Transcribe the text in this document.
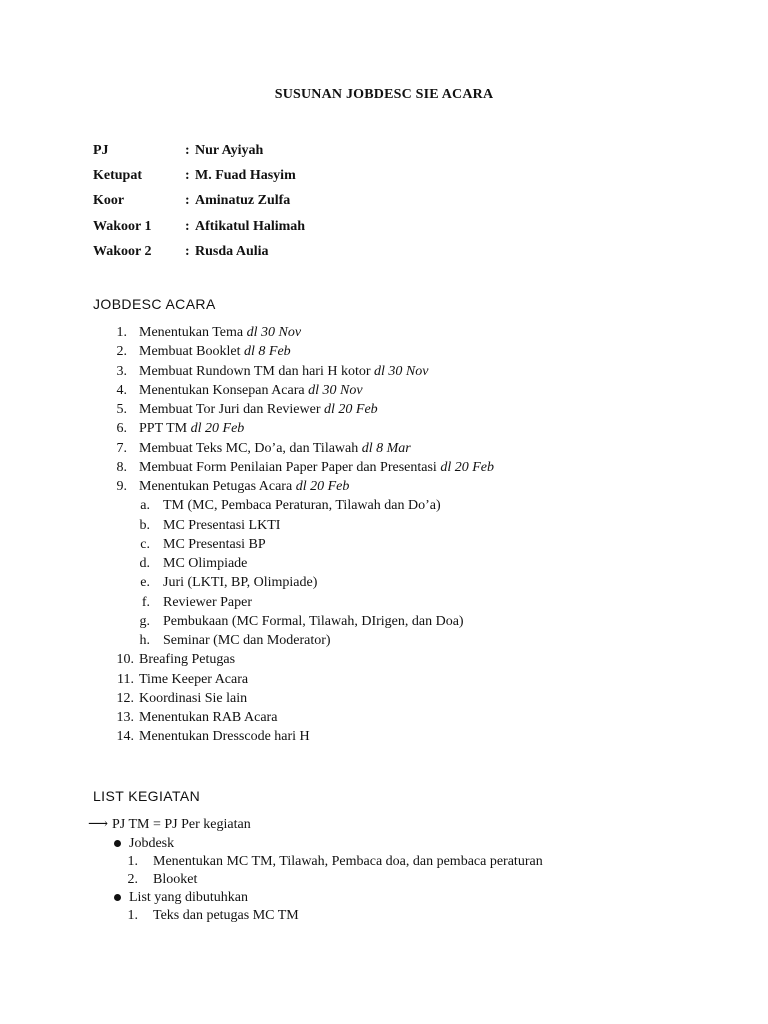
SUSUNAN JOBDESC SIE ACARA
PJ	: Nur Ayiyah
Ketupat	: M. Fuad Hasyim
Koor	: Aminatuz Zulfa
Wakoor 1 : Aftikatul Halimah
Wakoor 2 : Rusda Aulia
JOBDESC ACARA
1. Menentukan Tema dl 30 Nov
2. Membuat Booklet dl 8 Feb
3. Membuat Rundown TM dan hari H kotor dl 30 Nov
4. Menentukan Konsepan Acara dl 30 Nov
5. Membuat Tor Juri dan Reviewer dl 20 Feb
6. PPT TM dl 20 Feb
7. Membuat Teks MC, Do’a, dan Tilawah dl 8 Mar
8. Membuat Form Penilaian Paper Paper dan Presentasi dl 20 Feb
9. Menentukan Petugas Acara dl 20 Feb
a. TM (MC, Pembaca Peraturan, Tilawah dan Do’a)
b. MC Presentasi LKTI
c. MC Presentasi BP
d. MC Olimpiade
e. Juri (LKTI, BP, Olimpiade)
f. Reviewer Paper
g. Pembukaan (MC Formal, Tilawah, DIrigen, dan Doa)
h. Seminar (MC dan Moderator)
10. Breafing Petugas
11. Time Keeper Acara
12. Koordinasi Sie lain
13. Menentukan RAB Acara
14. Menentukan Dresscode hari H
LIST KEGIATAN
⟶ PJ TM = PJ Per kegiatan
Jobdesk
1. Menentukan MC TM, Tilawah, Pembaca doa, dan pembaca peraturan
2. Blooket
List yang dibutuhkan
1. Teks dan petugas MC TM
